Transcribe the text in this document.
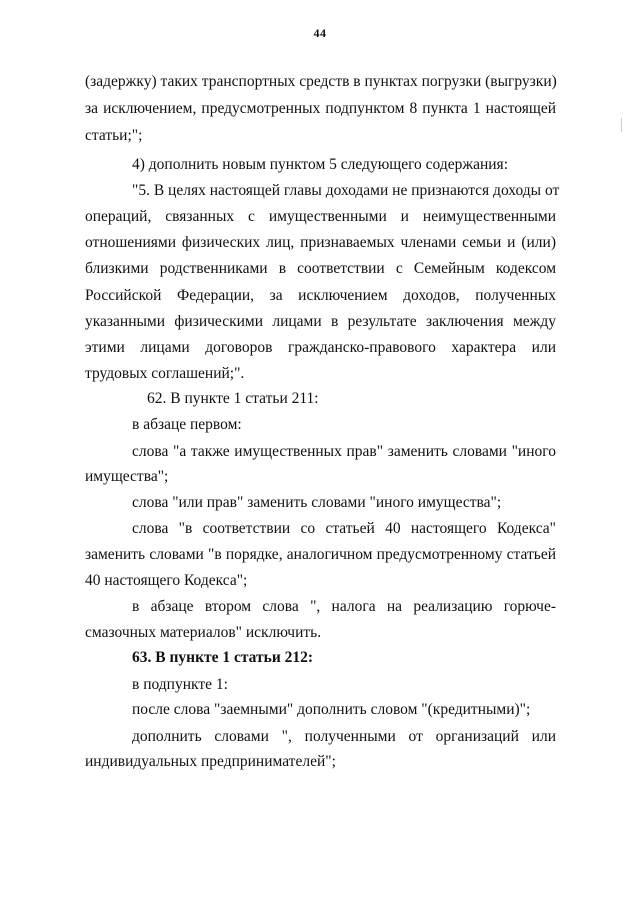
44
(задержку) таких транспортных средств в пунктах погрузки (выгрузки)
за исключением, предусмотренных подпунктом 8 пункта 1 настоящей
статьи;";
4) дополнить новым пунктом 5 следующего содержания:
"5. В целях настоящей главы доходами не признаются доходы от
операций, связанных с имущественными и неимущественными
отношениями физических лиц, признаваемых членами семьи и (или)
близкими родственниками в соответствии с Семейным кодексом
Российской Федерации, за исключением доходов, полученных
указанными физическими лицами в результате заключения между
этими лицами договоров гражданско-правового характера или
трудовых соглашений;".
62. В пункте 1 статьи 211:
в абзаце первом:
слова "а также имущественных прав" заменить словами "иного
имущества";
слова "или прав" заменить словами "иного имущества";
слова "в соответствии со статьей 40 настоящего Кодекса"
заменить словами "в порядке, аналогичном предусмотренному статьей
40 настоящего Кодекса";
в абзаце втором слова ", налога на реализацию горюче-
смазочных материалов" исключить.
63. В пункте 1 статьи 212:
в подпункте 1:
после слова "заемными" дополнить словом "(кредитными)";
дополнить словами ", полученными от организаций или
индивидуальных предпринимателей";
